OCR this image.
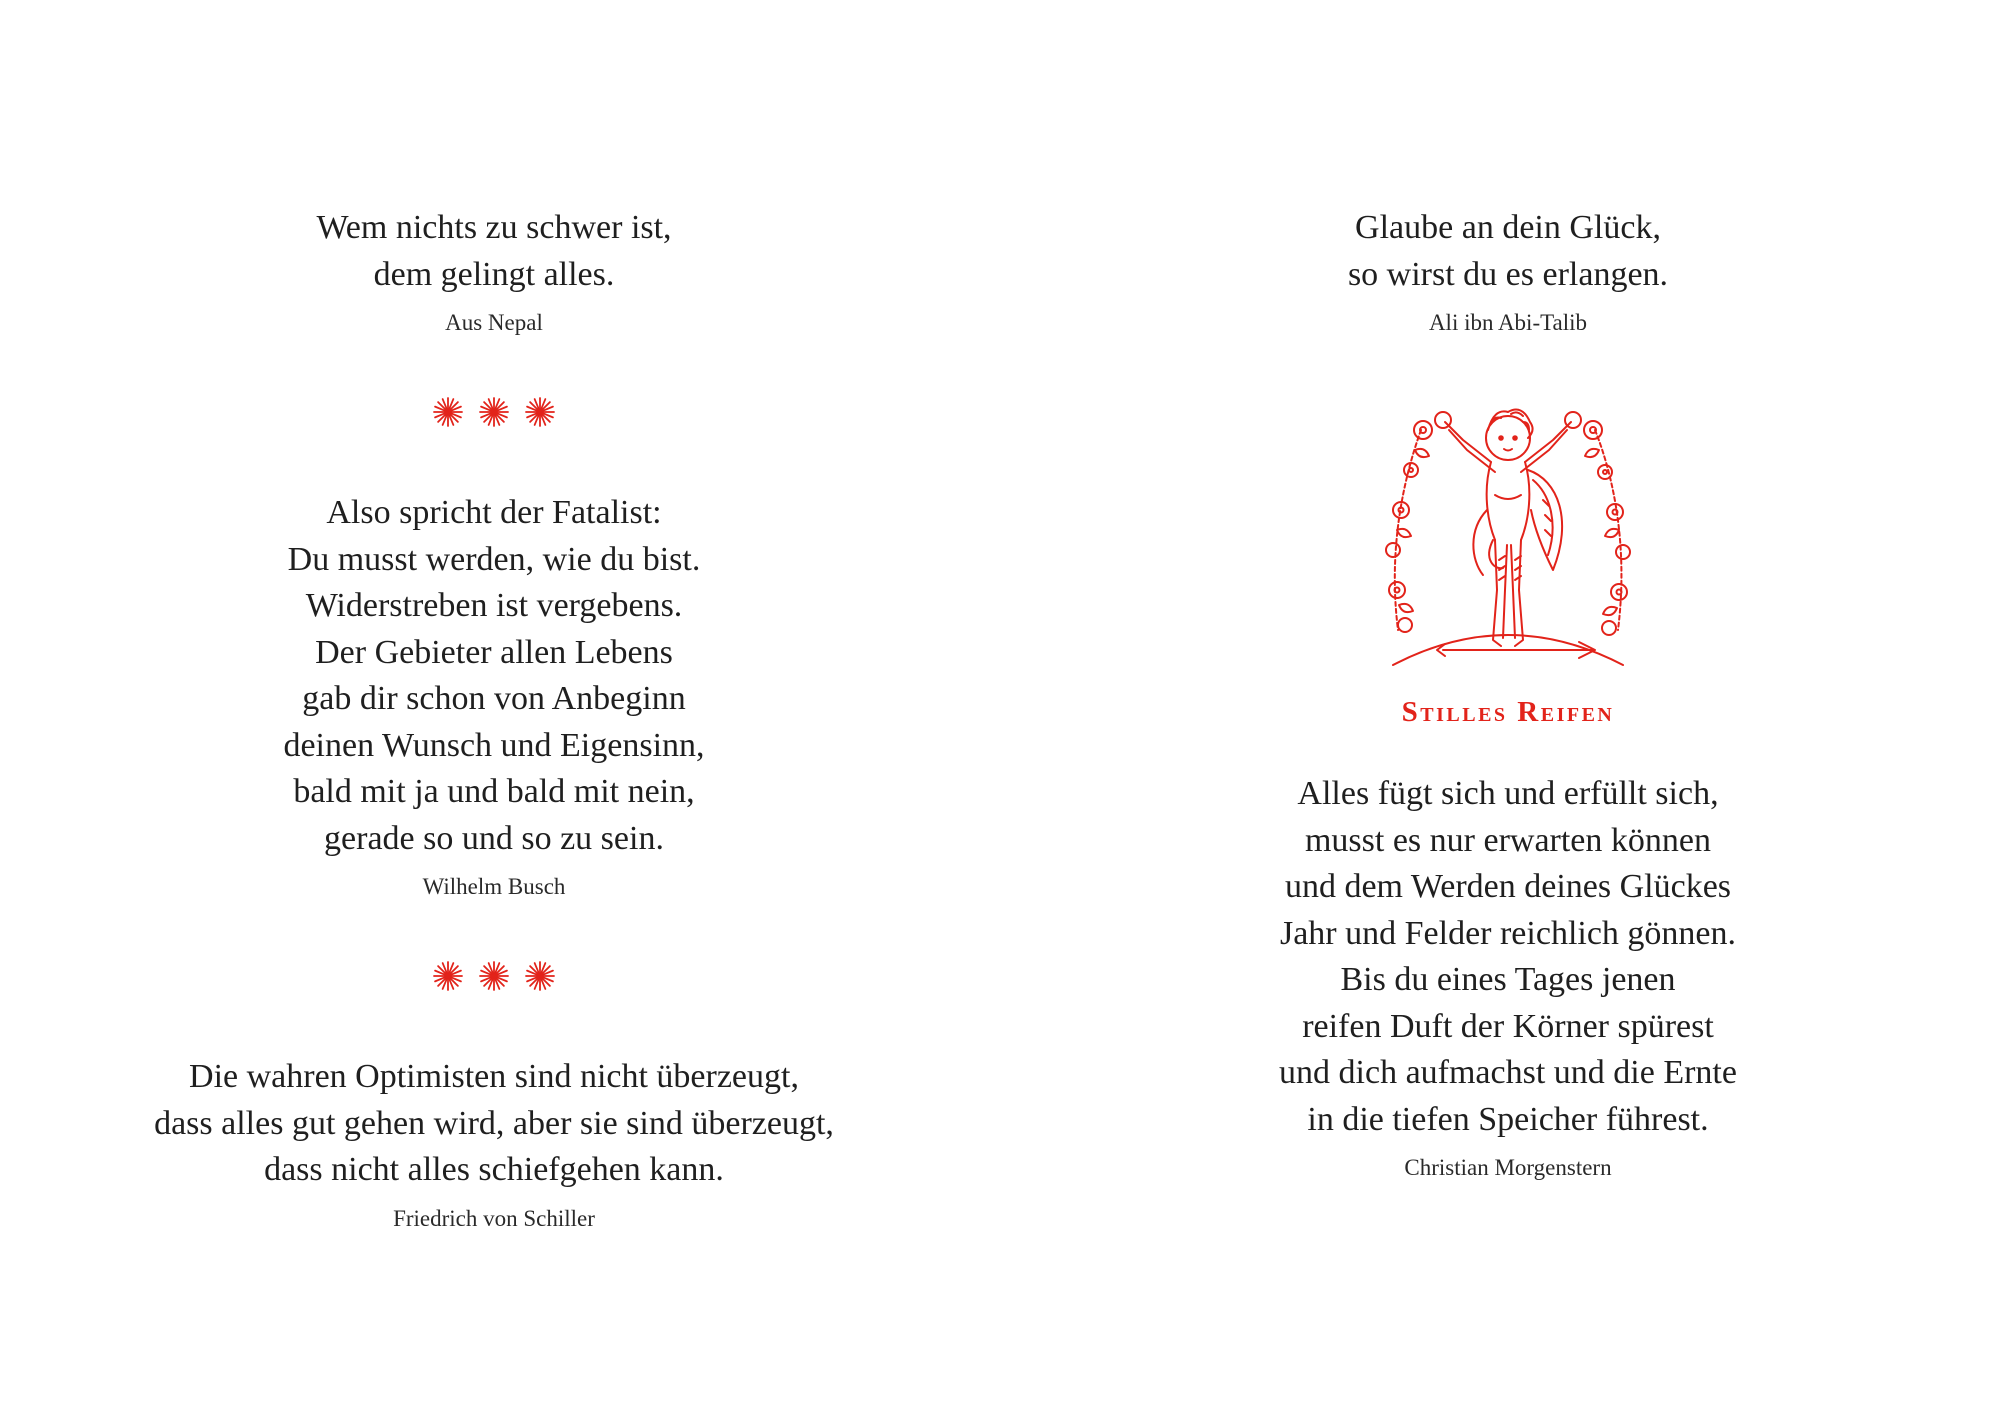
Wem nichts zu schwer ist,
dem gelingt alles.
Aus Nepal
Also spricht der Fatalist:
Du musst werden, wie du bist.
Widerstreben ist vergebens.
Der Gebieter allen Lebens
gab dir schon von Anbeginn
deinen Wunsch und Eigensinn,
bald mit ja und bald mit nein,
gerade so und so zu sein.
Wilhelm Busch
Die wahren Optimisten sind nicht überzeugt,
dass alles gut gehen wird, aber sie sind überzeugt,
dass nicht alles schiefgehen kann.
Friedrich von Schiller
Glaube an dein Glück,
so wirst du es erlangen.
Ali ibn Abi-Talib
Stilles Reifen
Alles fügt sich und erfüllt sich,
musst es nur erwarten können
und dem Werden deines Glückes
Jahr und Felder reichlich gönnen.
Bis du eines Tages jenen
reifen Duft der Körner spürest
und dich aufmachst und die Ernte
in die tiefen Speicher führest.
Christian Morgenstern
